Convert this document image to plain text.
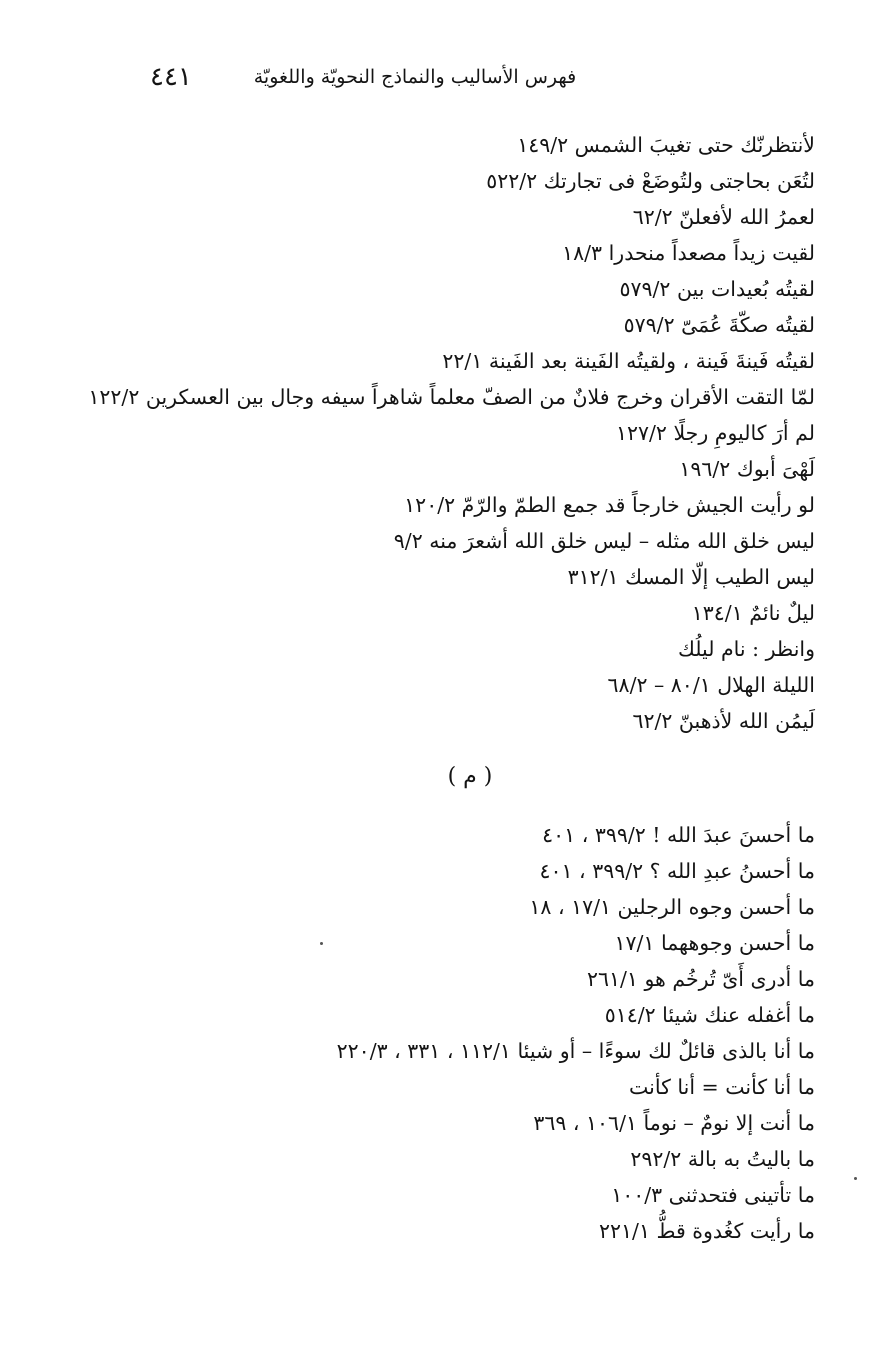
٤٤١	فهرس الأساليب والنماذج النحويّة واللغويّة
لأنتظرنّك حتى تغيبَ الشمس ١٤٩/٢
لتُعَن بحاجتى ولتُوضَعْ فى تجارتك ٥٢٢/٢
لعمرُ الله لأفعلنّ ٦٢/٢
لقيت زيداً مصعداً منحدرا ١٨/٣
لقيتُه بُعيدات بين ٥٧٩/٢
لقيتُه صكّةَ عُمَىّ ٥٧٩/٢
لقيتُه فَينةَ فَينة ، ولقيتُه الفَينة بعد الفَينة ٢٢/١
لمّا التقت الأقران وخرج فلانٌ من الصفّ معلماً شاهراً سيفه وجال بين العسكرين ١٢٢/٢
لم أرَ كاليومِ رجلًا ١٢٧/٢
لَهْىَ أبوك ١٩٦/٢
لو رأيت الجيش خارجاً قد جمع الطمّ والرّمّ ١٢٠/٢
ليس خلق الله مثله – ليس خلق الله أشعرَ منه ٩/٢
ليس الطيب إلّا المسك ٣١٢/١
ليلٌ نائمٌ ١٣٤/١
وانظر : نام ليلُك
الليلة الهلال ٨٠/١ – ٦٨/٢
لَيمُن الله لأذهبنّ ٦٢/٢
( م )
ما أحسنَ عبدَ الله ! ٣٩٩/٢ ، ٤٠١
ما أحسنُ عبدِ الله ؟ ٣٩٩/٢ ، ٤٠١
ما أحسن وجوه الرجلين ١٧/١ ، ١٨
ما أحسن وجوههما ١٧/١
ما أدرى أَىّ تُرخُم هو ٢٦١/١
ما أغفله عنك شيئا ٥١٤/٢
ما أنا بالذى قائلٌ لك سوءًا – أو شيئا ١١٢/١ ، ٣٣١ ، ٢٢٠/٣
ما أنا كأنت = أنا كأنت
ما أنت إلا نومٌ – نوماً ١٠٦/١ ، ٣٦٩
ما باليتُ به بالة ٢٩٢/٢
ما تأتينى فتحدثنى ١٠٠/٣
ما رأيت كغُدوة قطُّ ٢٢١/١
